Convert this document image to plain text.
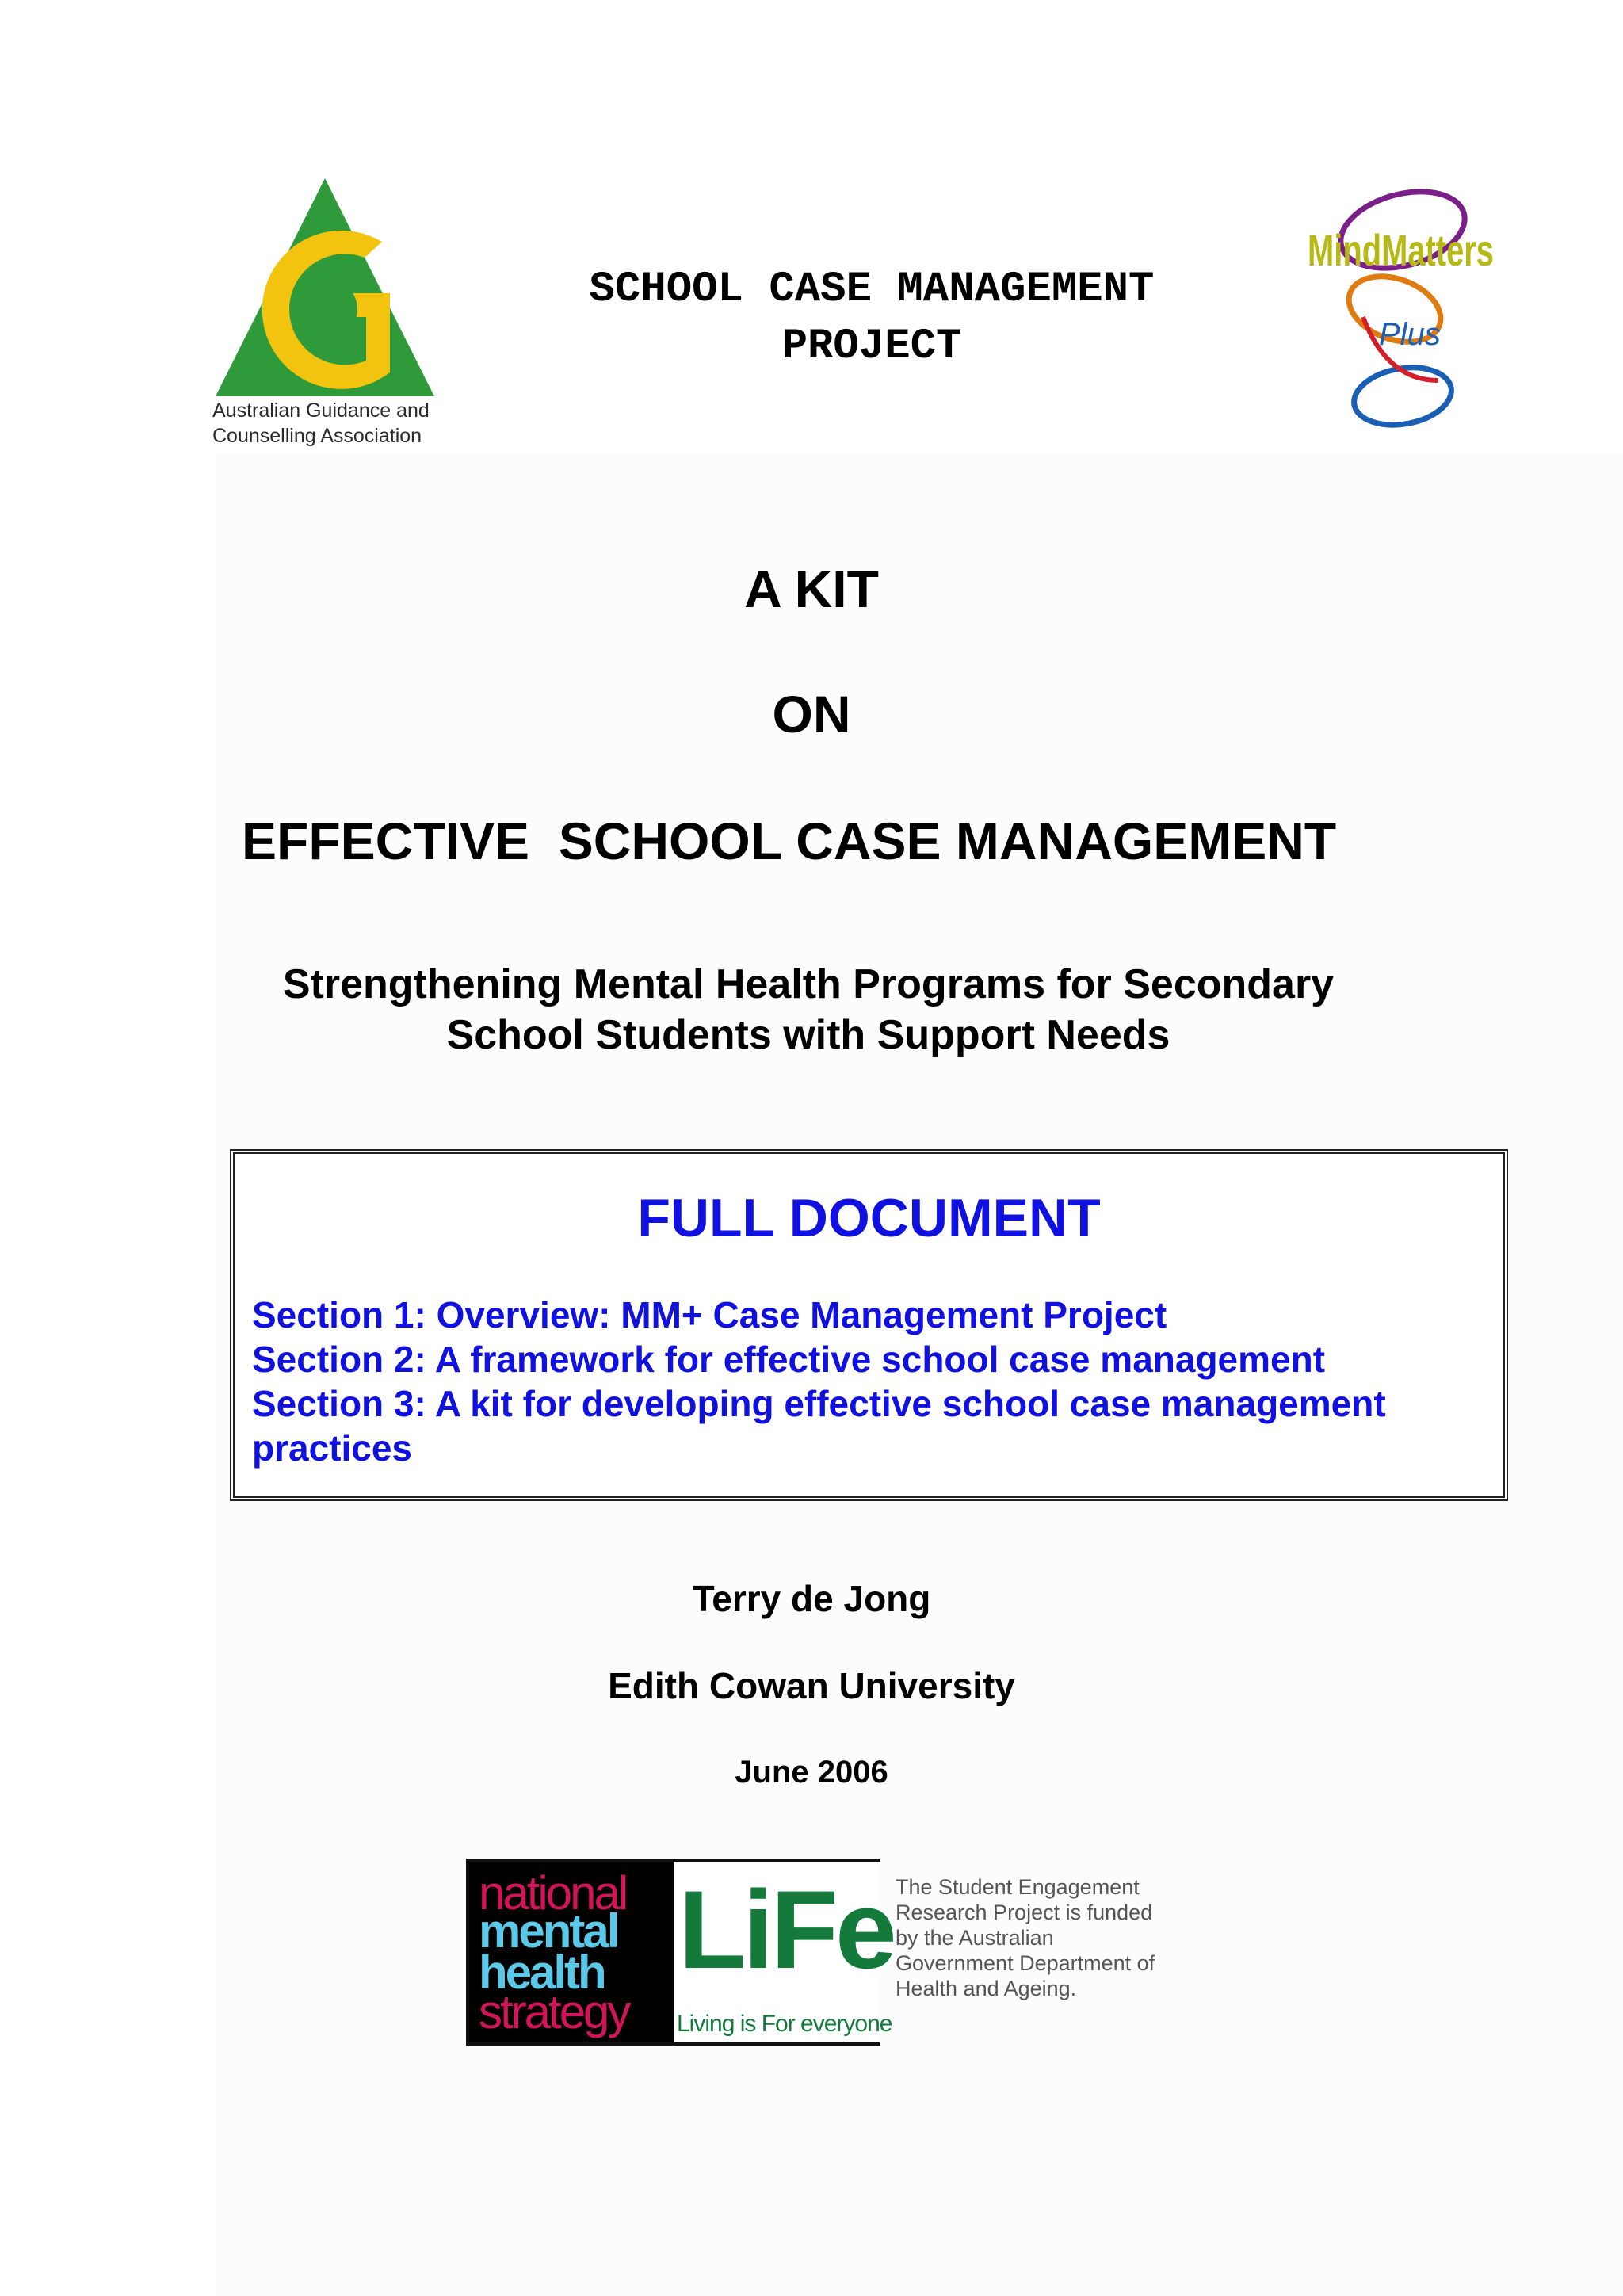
Australian Guidance and
Counselling Association
SCHOOL CASE MANAGEMENT
PROJECT
MindMatters
Plus
A KIT
ON
EFFECTIVE  SCHOOL CASE MANAGEMENT
Strengthening Mental Health Programs for Secondary
School Students with Support Needs
FULL DOCUMENT
Section 1: Overview: MM+ Case Management Project
Section 2: A framework for effective school case management
Section 3: A kit for developing effective school case management
practices
Terry de Jong
Edith Cowan University
June 2006
national
mental
health
strategy
LiFe
Living is For everyone
The Student Engagement Research Project is funded by the Australian Government Department of Health and Ageing.
